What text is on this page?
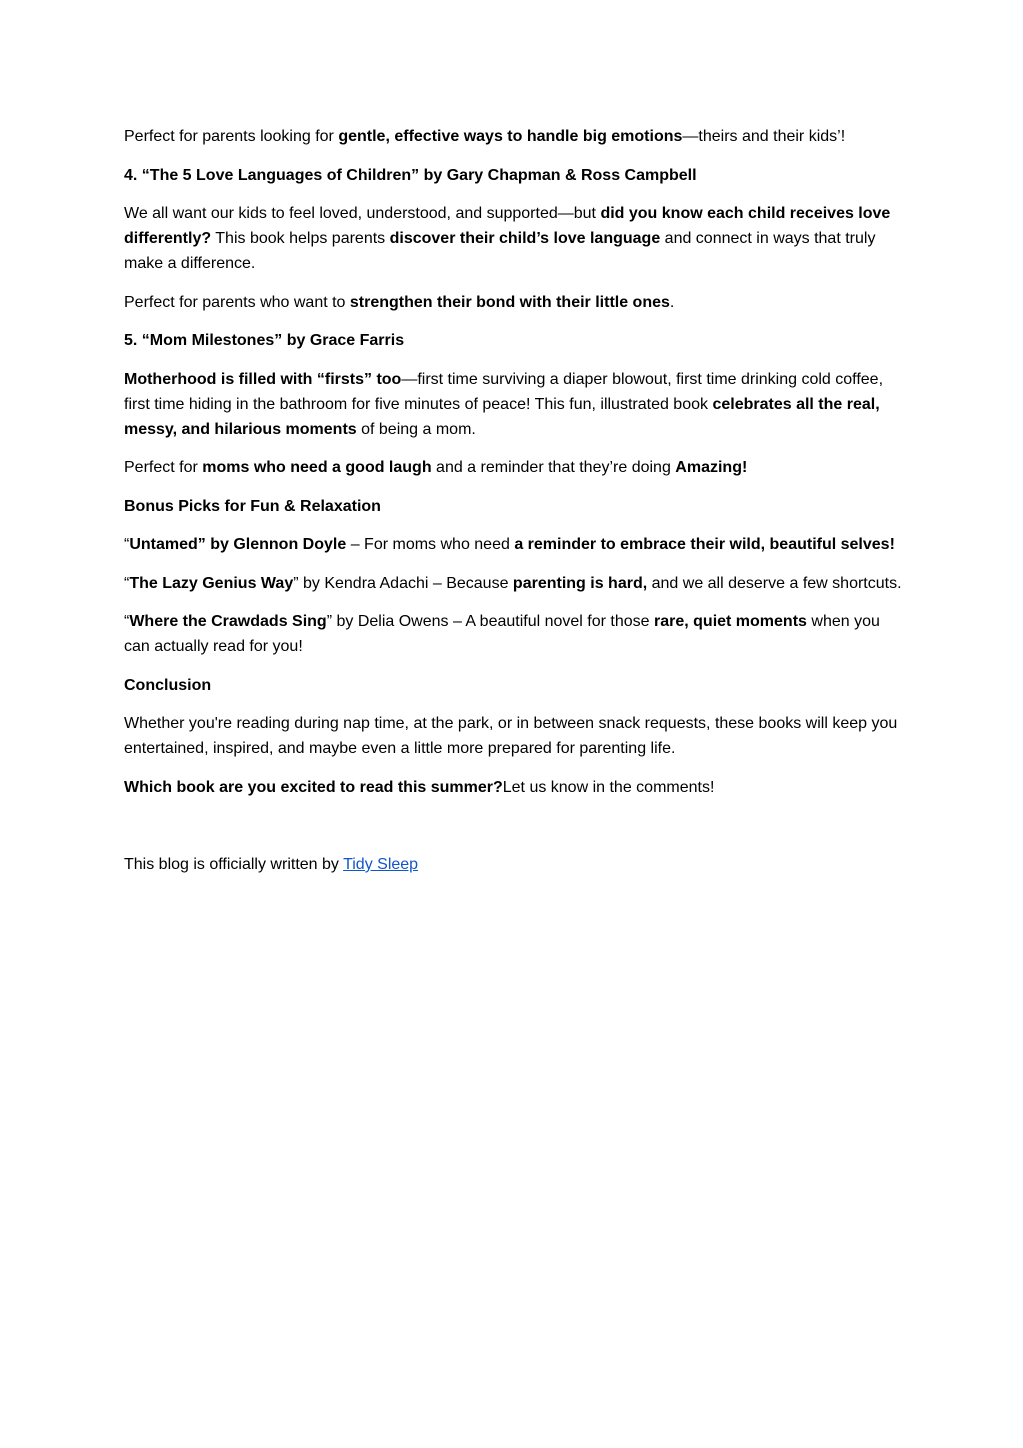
Perfect for parents looking for gentle, effective ways to handle big emotions—theirs and their kids’!

4. “The 5 Love Languages of Children” by Gary Chapman & Ross Campbell

We all want our kids to feel loved, understood, and supported—but did you know each child receives love differently? This book helps parents discover their child’s love language and connect in ways that truly make a difference.

Perfect for parents who want to strengthen their bond with their little ones.

5. “Mom Milestones” by Grace Farris

Motherhood is filled with “firsts” too—first time surviving a diaper blowout, first time drinking cold coffee, first time hiding in the bathroom for five minutes of peace! This fun, illustrated book celebrates all the real, messy, and hilarious moments of being a mom.

Perfect for moms who need a good laugh and a reminder that they’re doing Amazing!

Bonus Picks for Fun & Relaxation

“Untamed” by Glennon Doyle – For moms who need a reminder to embrace their wild, beautiful selves!

“The Lazy Genius Way” by Kendra Adachi – Because parenting is hard, and we all deserve a few shortcuts.

“Where the Crawdads Sing” by Delia Owens – A beautiful novel for those rare, quiet moments when you can actually read for you!

Conclusion

Whether you're reading during nap time, at the park, or in between snack requests, these books will keep you entertained, inspired, and maybe even a little more prepared for parenting life.

Which book are you excited to read this summer?Let us know in the comments!

This blog is officially written by Tidy Sleep
